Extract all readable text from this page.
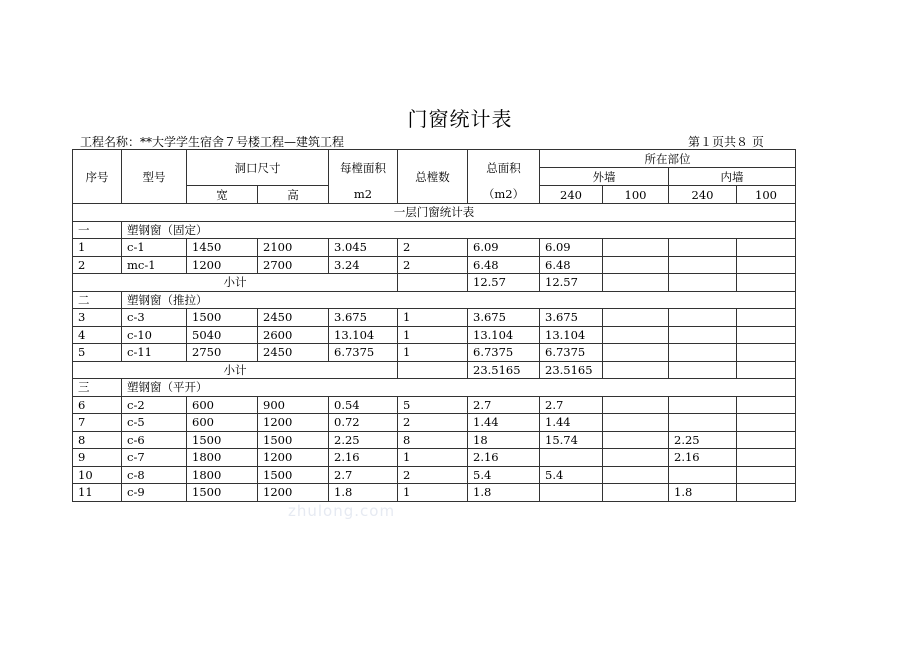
门窗统计表
工程名称：**大学学生宿舍７号楼工程—建筑工程	第１页共８ 页
序号	型号	洞口尺寸		每樘面积	总樘数	总面积	所在部位			
							外墙		内墙	
		宽	高	m2		（m2）	240	100	240	100
一层门窗统计表										
一	塑钢窗（固定）									
1	c-1	1450	2100	3.045	2	6.09	6.09			
2	mc-1	1200	2700	3.24	2	6.48	6.48			
小计						12.57	12.57			
二	塑钢窗（推拉）									
3	c-3	1500	2450	3.675	1	3.675	3.675			
4	c-10	5040	2600	13.104	1	13.104	13.104			
5	c-11	2750	2450	6.7375	1	6.7375	6.7375			
小计						23.5165	23.5165			
三	塑钢窗（平开）									
6	c-2	600	900	0.54	5	2.7	2.7			
7	c-5	600	1200	0.72	2	1.44	1.44			
8	c-6	1500	1500	2.25	8	18	15.74		2.25	
9	c-7	1800	1200	2.16	1	2.16			2.16	
10	c-8	1800	1500	2.7	2	5.4	5.4			
11	c-9	1500	1200	1.8	1	1.8			1.8	
zhulong.com
